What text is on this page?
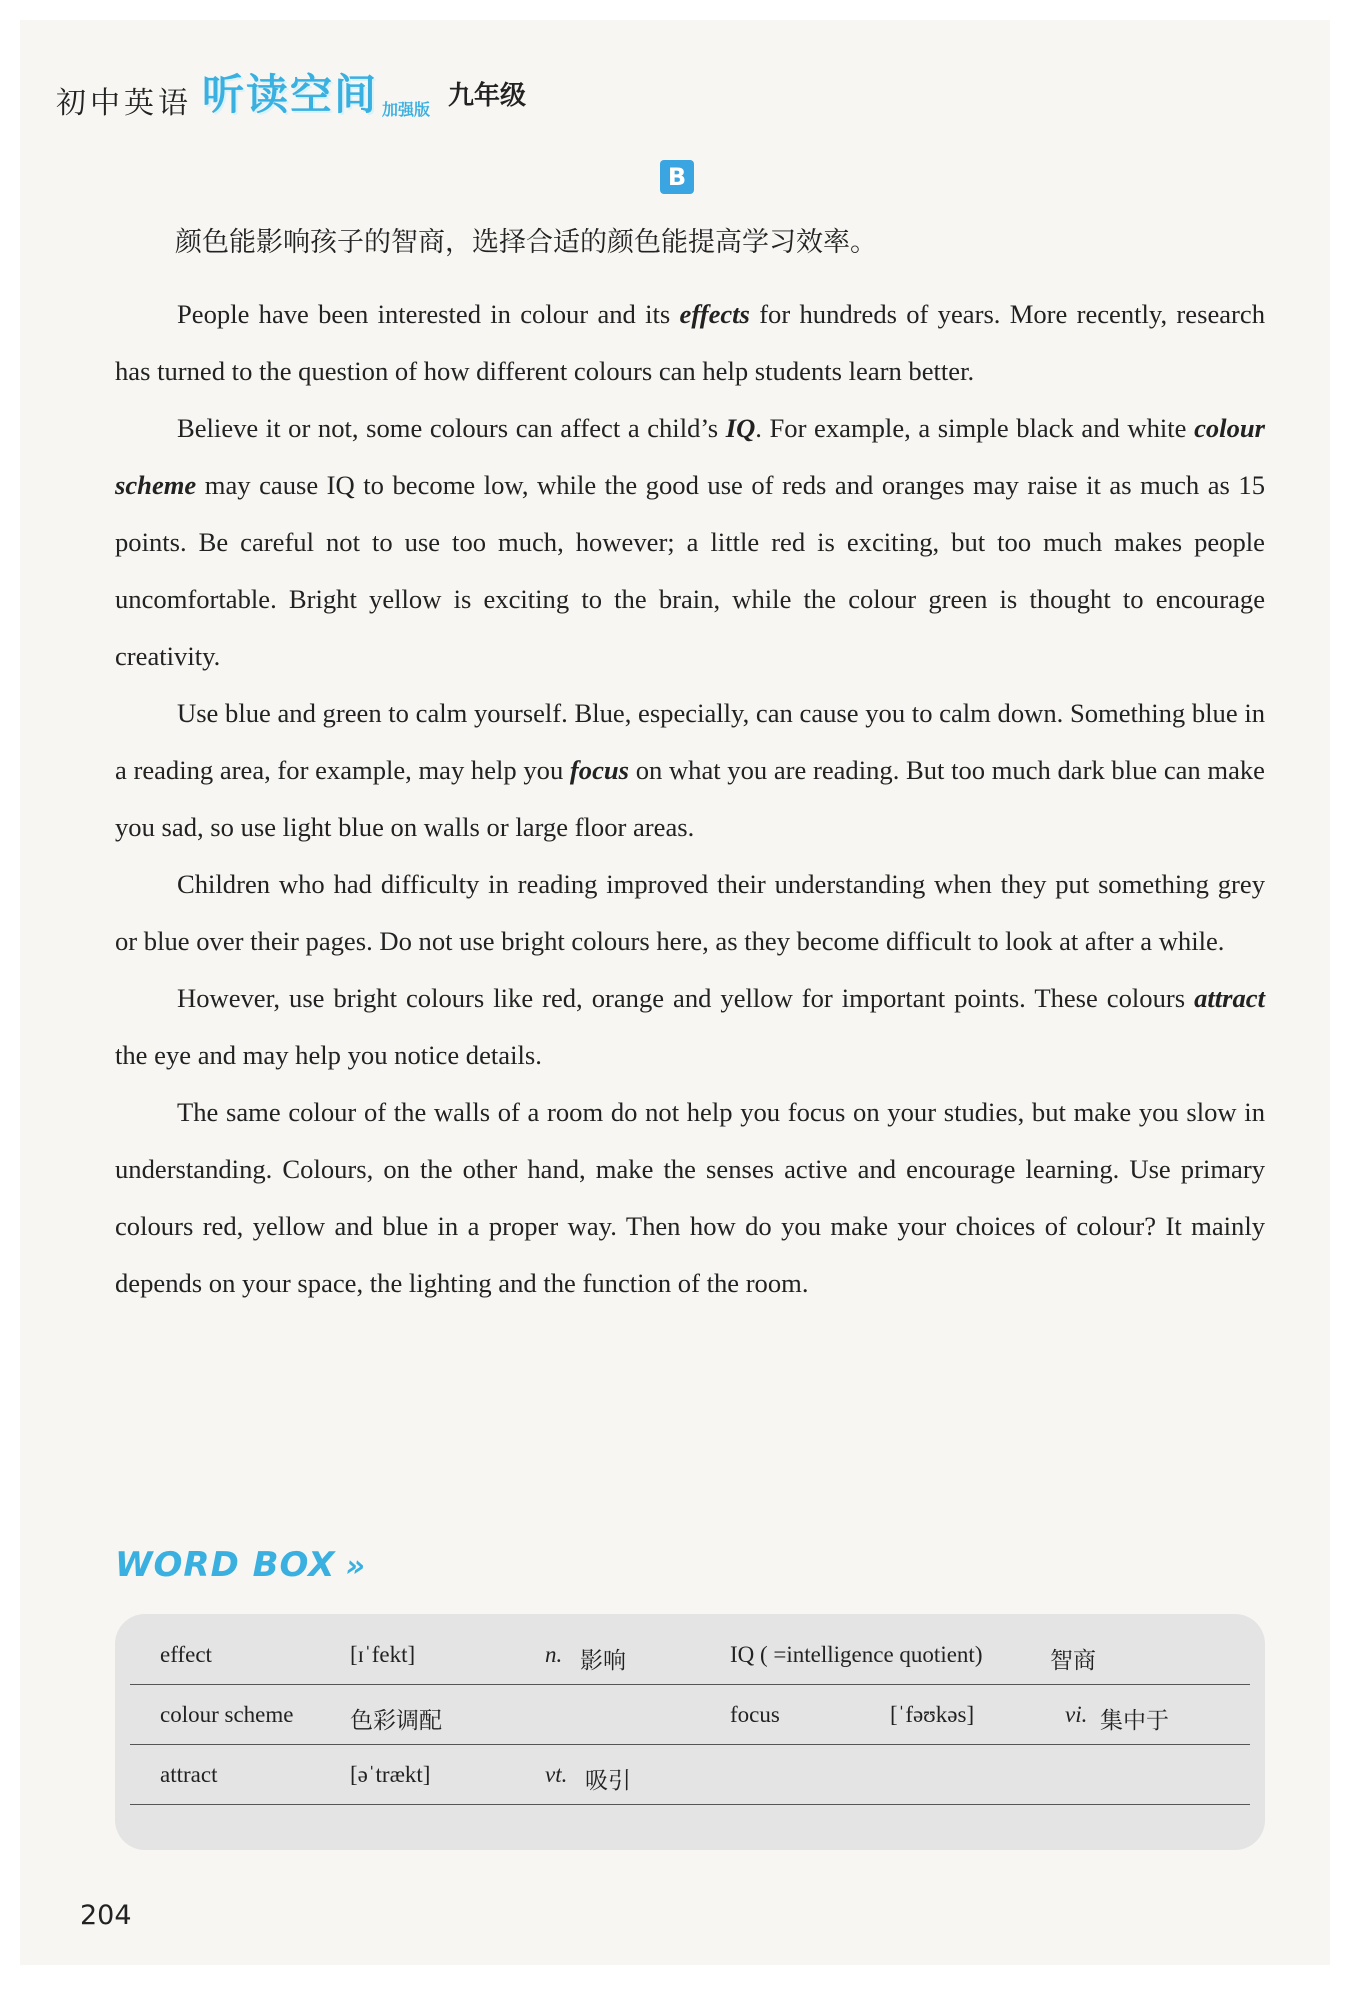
初中英语 听读空间 加强版 九年级
B
颜色能影响孩子的智商，选择合适的颜色能提高学习效率。

People have been interested in colour and its effects for hundreds of years. More recently, research has turned to the question of how different colours can help students learn better.

Believe it or not, some colours can affect a child’s IQ. For example, a simple black and white colour scheme may cause IQ to become low, while the good use of reds and oranges may raise it as much as 15 points. Be careful not to use too much, however; a little red is exciting, but too much makes people uncomfortable. Bright yellow is exciting to the brain, while the colour green is thought to encourage creativity.

Use blue and green to calm yourself. Blue, especially, can cause you to calm down. Something blue in a reading area, for example, may help you focus on what you are reading. But too much dark blue can make you sad, so use light blue on walls or large floor areas.

Children who had difficulty in reading improved their understanding when they put something grey or blue over their pages. Do not use bright colours here, as they become difficult to look at after a while.

However, use bright colours like red, orange and yellow for important points. These colours attract the eye and may help you notice details.

The same colour of the walls of a room do not help you focus on your studies, but make you slow in understanding. Colours, on the other hand, make the senses active and encourage learning. Use primary colours red, yellow and blue in a proper way. Then how do you make your choices of colour? It mainly depends on your space, the lighting and the function of the room.

WORD BOX »
effect	[ɪˈfekt]	n. 影响	IQ ( =intelligence quotient)	智商
colour scheme 色彩调配	focus	[ˈfəʊkəs]	vi. 集中于
attract	[əˈtrækt]	vt. 吸引
204
